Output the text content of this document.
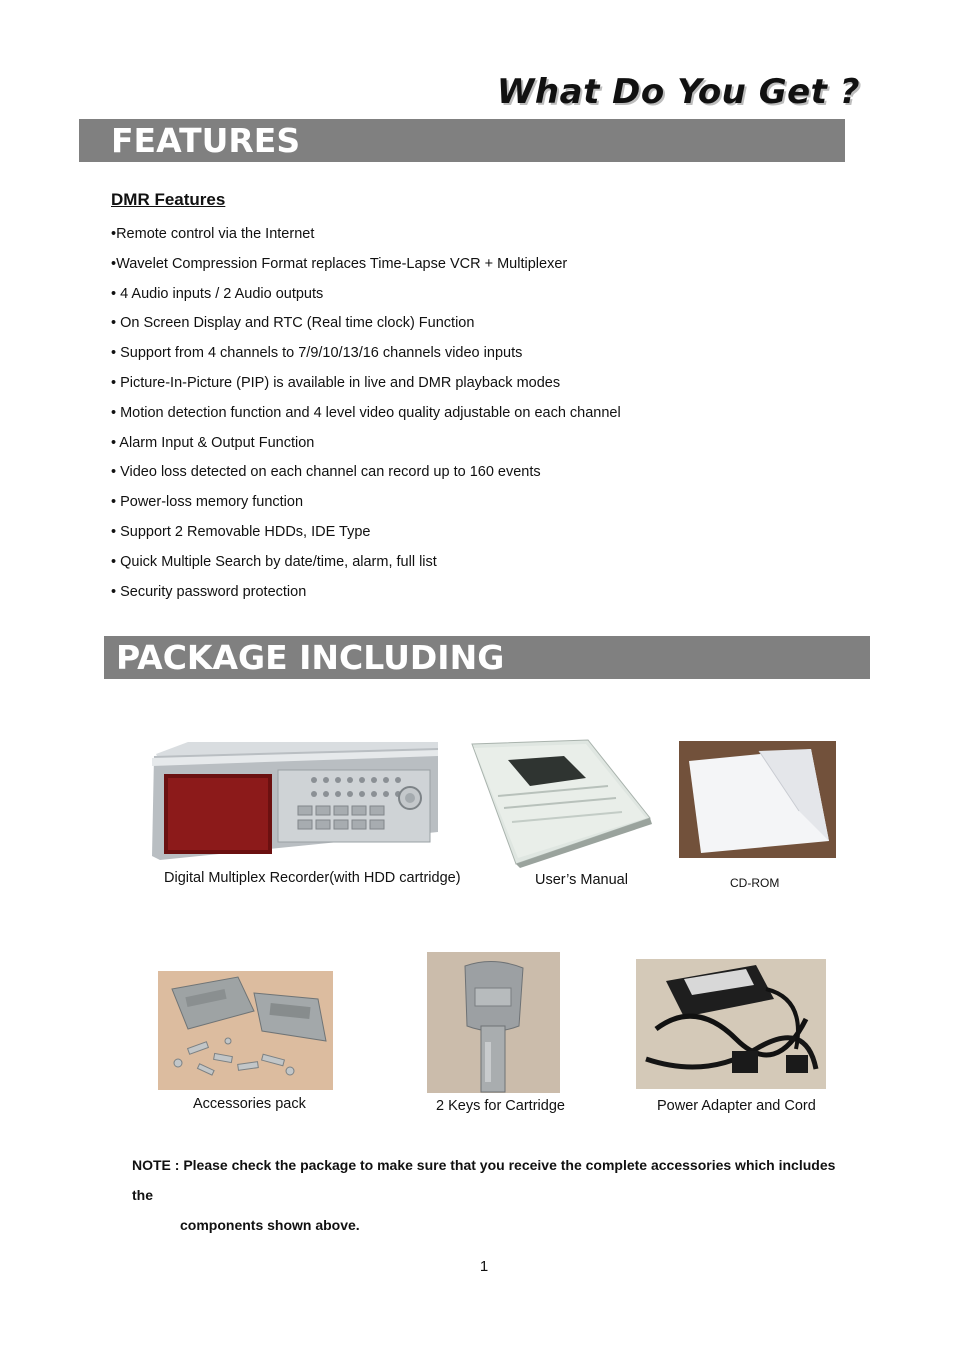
What Do You Get ?
FEATURES
DMR Features
•Remote control via the Internet
•Wavelet Compression Format replaces Time-Lapse VCR + Multiplexer
• 4 Audio inputs / 2 Audio outputs
• On Screen Display and RTC (Real time clock) Function
• Support from 4 channels to 7/9/10/13/16 channels video inputs
• Picture-In-Picture (PIP) is available in live and DMR playback modes
• Motion detection function and 4 level video quality adjustable on each channel
• Alarm Input & Output Function
• Video loss detected on each channel can record up to 160 events
• Power-loss memory function
• Support 2 Removable HDDs, IDE Type
• Quick Multiple Search by date/time, alarm, full list
• Security password protection
PACKAGE INCLUDING
Digital Multiplex Recorder(with HDD cartridge)	User’s Manual	CD-ROM
Accessories pack	2 Keys for Cartridge	Power Adapter and Cord
NOTE : Please check the package to make sure that you receive the complete accessories which includes the
components shown above.
1
